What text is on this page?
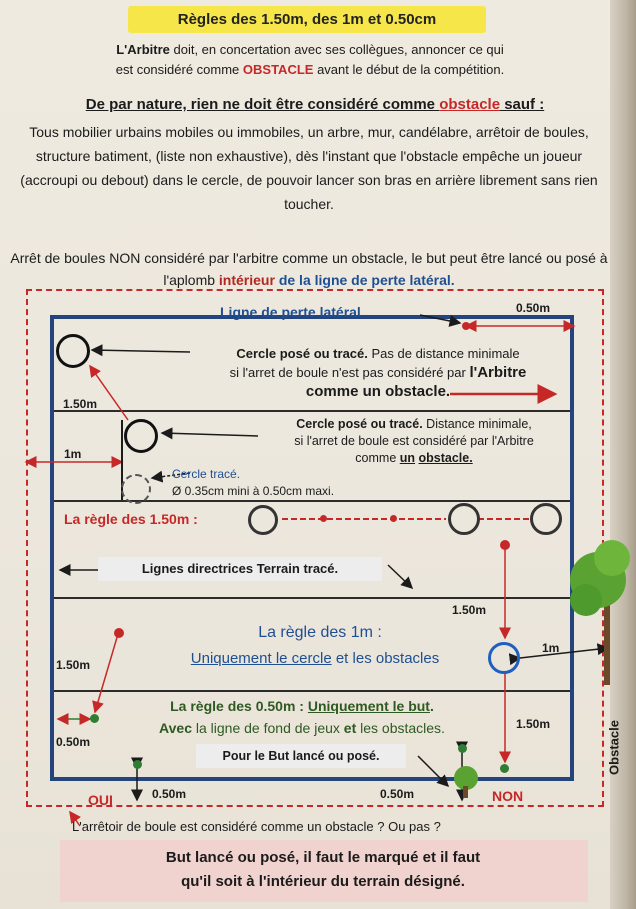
Règles des 1.50m, des 1m et 0.50cm
L'Arbitre doit, en concertation avec ses collègues, annoncer ce qui
est considéré comme OBSTACLE avant le début de la compétition.
De par nature, rien ne doit être considéré comme obstacle sauf :
Tous mobilier urbains mobiles ou immobiles, un arbre, mur, candélabre, arrêtoir de boules, structure batiment, (liste non exhaustive), dès l'instant que l'obstacle empêche un joueur (accroupi ou debout) dans le cercle, de pouvoir lancer son bras en arrière librement sans rien toucher.
Arrêt de boules NON considéré par l'arbitre comme un obstacle, le but peut être lancé ou posé à l'aplomb intérieur de la ligne de perte latéral.
Ligne de perte latéral.	0.50m
Cercle posé ou tracé. Pas de distance minimale
si l'arret de boule n'est pas considéré par l'Arbitre
comme un obstacle.
1.50m
1m
Cercle posé ou tracé. Distance minimale,
si l'arret de boule est considéré par l'Arbitre
comme un obstacle.
Cercle tracé.
Ø 0.35cm mini à 0.50cm maxi.
La règle des 1.50m :
Lignes directrices Terrain tracé.
1.50m
La règle des 1m :
Uniquement le cercle et les obstacles
1m
1.50m
La règle des 0.50m : Uniquement le but.
Avec la ligne de fond de jeux et les obstacles.	1.50m
0.50m
Pour le But lancé ou posé.
OUI	0.50m	0.50m	NON
Obstacle
L'arrêtoir de boule est considéré comme un obstacle ? Ou pas ?
But lancé ou posé, il faut le marqué et il faut
qu'il soit à l'intérieur du terrain désigné.
